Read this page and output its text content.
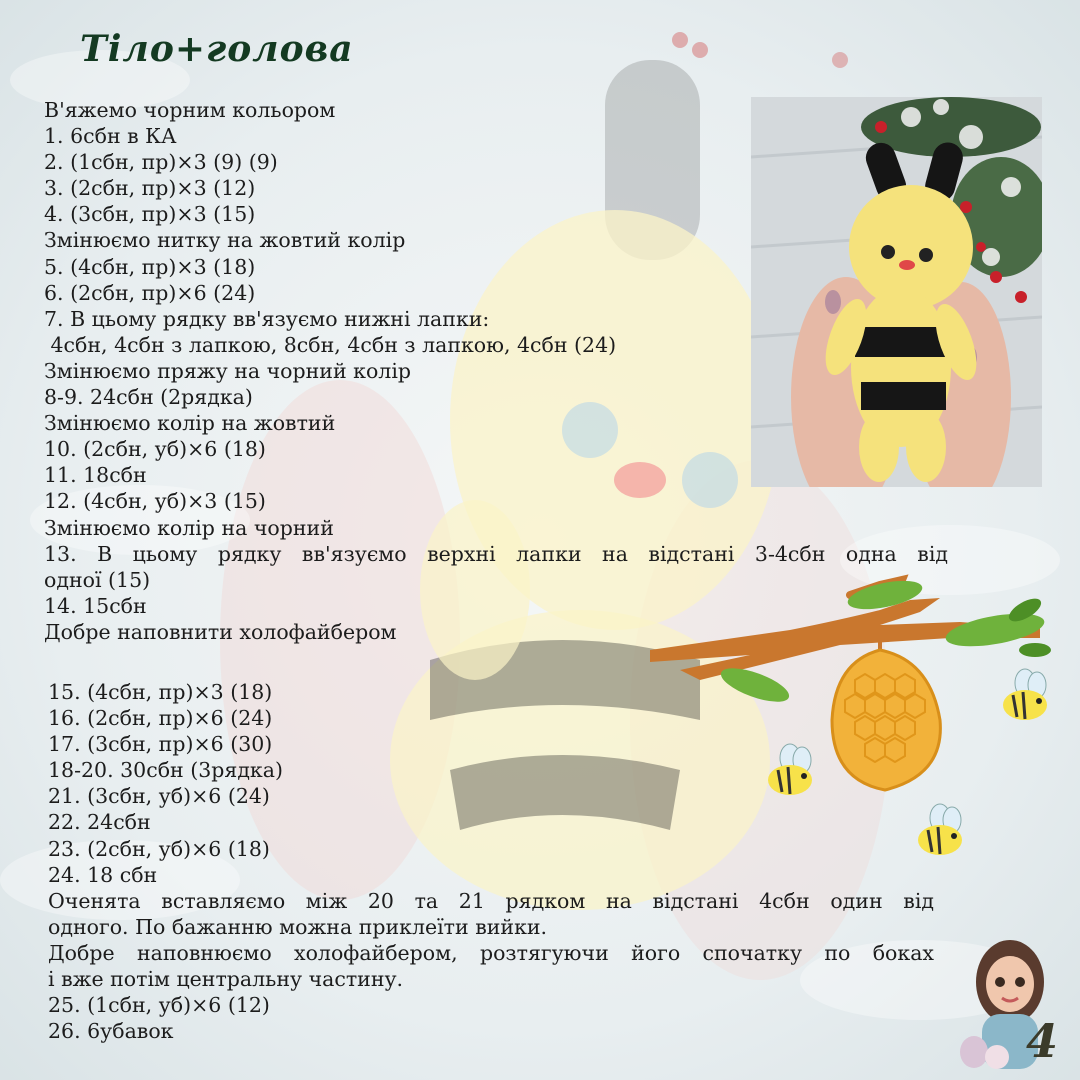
Тіло+голова
В'яжемо чорним кольором
1. 6сбн в КА
2. (1сбн, пр)×3 (9) (9)
3. (2сбн, пр)×3 (12)
4. (3сбн, пр)×3 (15)
Змінюємо нитку на жовтий колір
5. (4сбн, пр)×3 (18)
6. (2сбн, пр)×6 (24)
7. В цьому рядку вв'язуємо нижні лапки:
4сбн, 4сбн з лапкою, 8сбн, 4сбн з лапкою, 4сбн (24)
Змінюємо пряжу на чорний колір
8-9. 24сбн (2рядка)
Змінюємо колір на жовтий
10. (2сбн, уб)×6 (18)
11. 18сбн
12. (4сбн, уб)×3 (15)
Змінюємо колір на чорний
13. В цьому рядку вв'язуємо верхні лапки на відстані 3-4сбн одна від
одної (15)
14. 15сбн
Добре наповнити холофайбером
15. (4сбн, пр)×3 (18)
16. (2сбн, пр)×6 (24)
17. (3сбн, пр)×6 (30)
18-20. 30сбн (3рядка)
21. (3сбн, уб)×6 (24)
22. 24сбн
23. (2сбн, уб)×6 (18)
24. 18 сбн
Оченята вставляємо між 20 та 21 рядком на відстані 4сбн один від
одного. По бажанню можна приклеїти вийки.
Добре наповнюємо холофайбером, розтягуючи його спочатку по боках
і вже потім центральну частину.
25. (1сбн, уб)×6 (12)
26. 6убавок	4
